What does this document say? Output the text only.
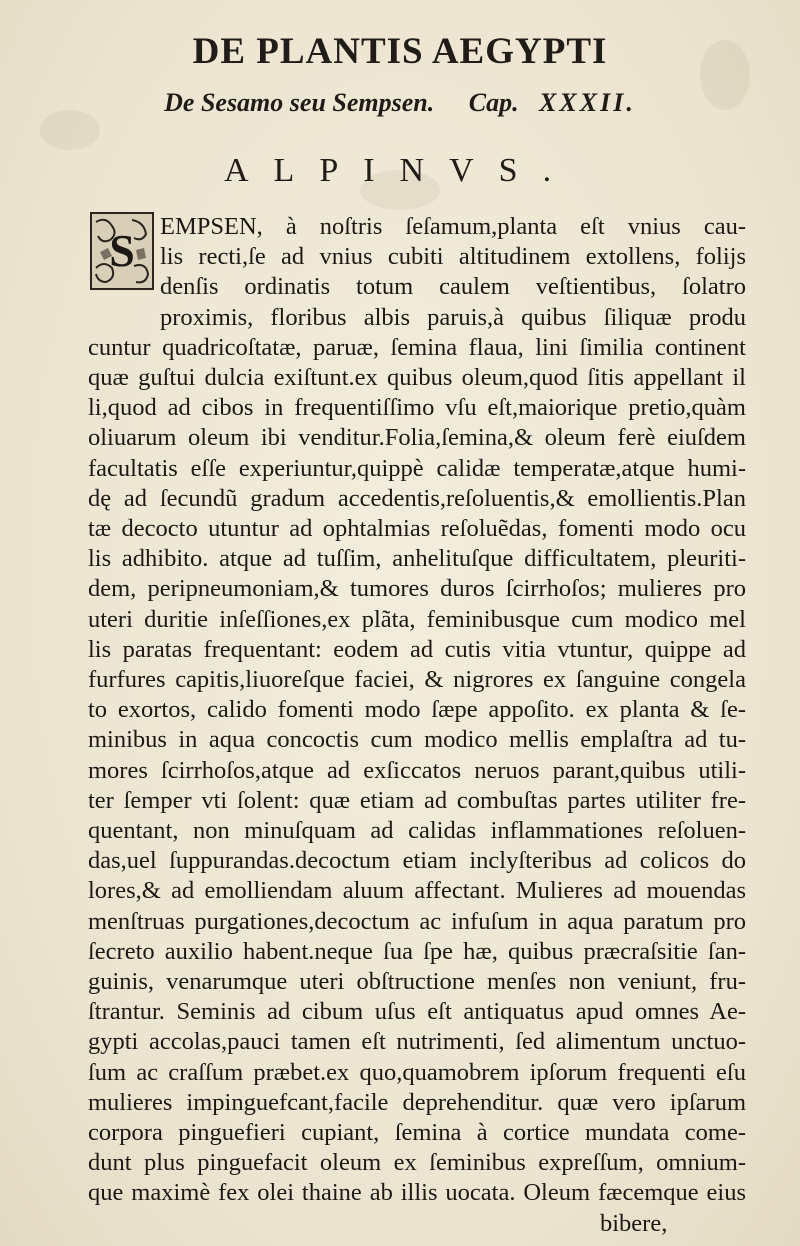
DE PLANTIS AEGYPTI
De Sesamo seu Sempsen. Cap. XXXII.
ALPINVS.
S EMPSEN, à noſtris ſeſamum,planta eſt vnius cau-
lis recti,ſe ad vnius cubiti altitudinem extollens, folijs
denſis ordinatis totum caulem veſtientibus, ſolatro
proximis, floribus albis paruis,à quibus ſiliquæ produ
cuntur quadricoſtatæ, paruæ, ſemina flaua, lini ſimilia continent
quæ guſtui dulcia exiſtunt.ex quibus oleum,quod ſitis appellant il
li,quod ad cibos in frequentiſſimo vſu eſt,maiorique pretio,quàm
oliuarum oleum ibi venditur.Folia,ſemina,& oleum ferè eiuſdem
facultatis eſſe experiuntur,quippè calidæ temperatæ,atque humi-
dę ad ſecundũ gradum accedentis,reſoluentis,& emollientis.Plan
tæ decocto utuntur ad ophtalmias reſoluẽdas, fomenti modo ocu
lis adhibito. atque ad tuſſim, anhelituſque difficultatem, pleuriti-
dem, peripneumoniam,& tumores duros ſcirrhoſos; mulieres pro
uteri duritie inſeſſiones,ex plãta, feminibusque cum modico mel
lis paratas frequentant: eodem ad cutis vitia vtuntur, quippe ad
furfures capitis,liuoreſque faciei, & nigrores ex ſanguine congela
to exortos, calido fomenti modo ſæpe appoſito. ex planta & ſe-
minibus in aqua concoctis cum modico mellis emplaſtra ad tu-
mores ſcirrhoſos,atque ad exſiccatos neruos parant,quibus utili-
ter ſemper vti ſolent: quæ etiam ad combuſtas partes utiliter fre-
quentant, non minuſquam ad calidas inflammationes reſoluen-
das,uel ſuppurandas.decoctum etiam inclyſteribus ad colicos do
lores,& ad emolliendam aluum affectant. Mulieres ad mouendas
menſtruas purgationes,decoctum ac infuſum in aqua paratum pro
ſecreto auxilio habent.neque ſua ſpe hæ, quibus præcraſsitie ſan-
guinis, venarumque uteri obſtructione menſes non veniunt, fru-
ſtrantur. Seminis ad cibum uſus eſt antiquatus apud omnes Ae-
gypti accolas,pauci tamen eſt nutrimenti, ſed alimentum unctuo-
ſum ac craſſum præbet.ex quo,quamobrem ipſorum frequenti eſu
mulieres impinguefcant,facile deprehenditur. quæ vero ipſarum
corpora pinguefieri cupiant, ſemina à cortice mundata come-
dunt plus pinguefacit oleum ex ſeminibus expreſſum, omnium-
que maximè fex olei thaine ab illis uocata. Oleum fæcemque eius
bibere,
